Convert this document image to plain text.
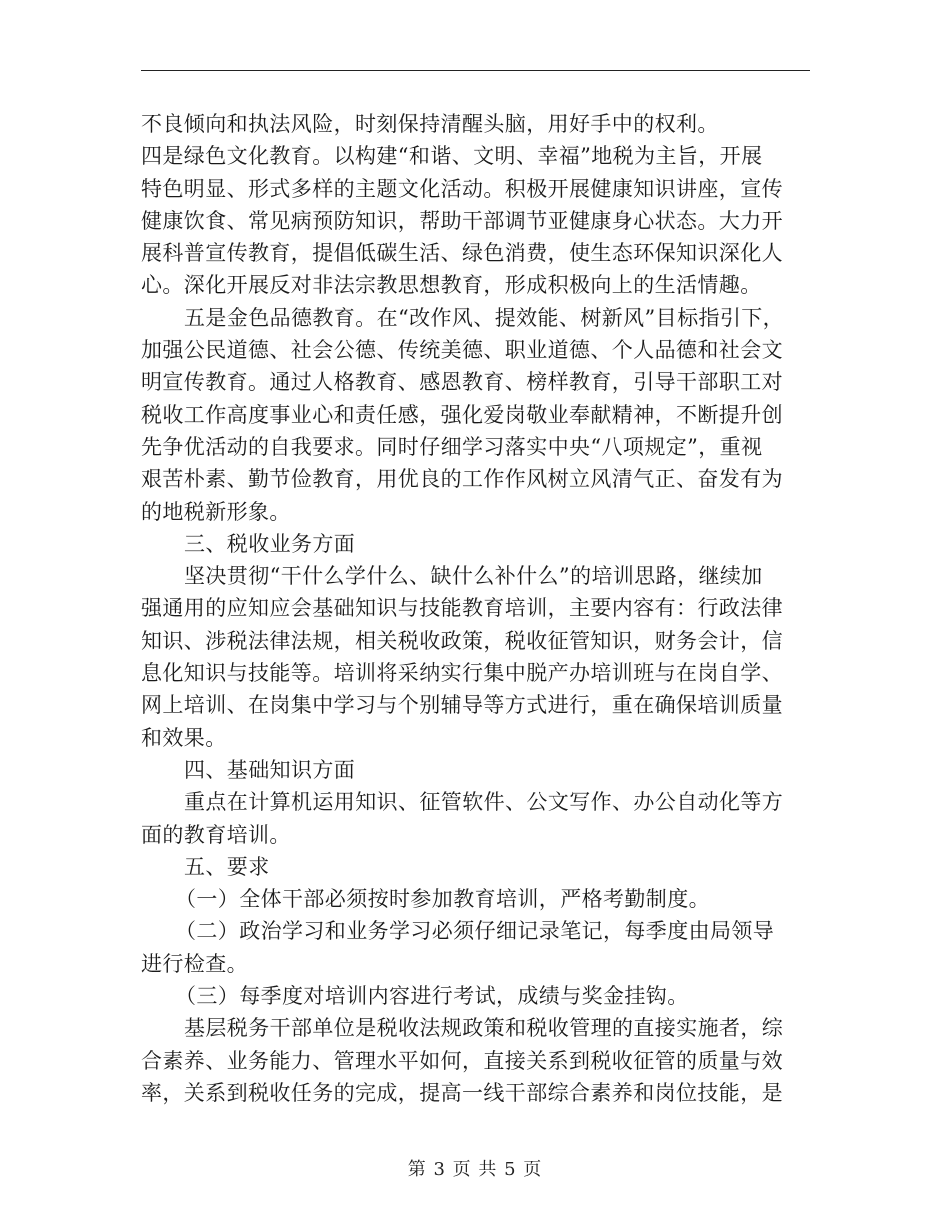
不良倾向和执法风险，时刻保持清醒头脑，用好手中的权利。
四是绿色文化教育。以构建“和谐、文明、幸福”地税为主旨，开展
特色明显、形式多样的主题文化活动。积极开展健康知识讲座，宣传
健康饮食、常见病预防知识，帮助干部调节亚健康身心状态。大力开
展科普宣传教育，提倡低碳生活、绿色消费，使生态环保知识深化人
心。深化开展反对非法宗教思想教育，形成积极向上的生活情趣。
五是金色品德教育。在“改作风、提效能、树新风”目标指引下，
加强公民道德、社会公德、传统美德、职业道德、个人品德和社会文
明宣传教育。通过人格教育、感恩教育、榜样教育，引导干部职工对
税收工作高度事业心和责任感，强化爱岗敬业奉献精神，不断提升创
先争优活动的自我要求。同时仔细学习落实中央“八项规定”，重视
艰苦朴素、勤节俭教育，用优良的工作作风树立风清气正、奋发有为
的地税新形象。
三、税收业务方面
坚决贯彻“干什么学什么、缺什么补什么”的培训思路，继续加
强通用的应知应会基础知识与技能教育培训，主要内容有：行政法律
知识、涉税法律法规，相关税收政策，税收征管知识，财务会计，信
息化知识与技能等。培训将采纳实行集中脱产办培训班与在岗自学、
网上培训、在岗集中学习与个别辅导等方式进行，重在确保培训质量
和效果。
四、基础知识方面
重点在计算机运用知识、征管软件、公文写作、办公自动化等方
面的教育培训。
五、要求
（一）全体干部必须按时参加教育培训，严格考勤制度。
（二）政治学习和业务学习必须仔细记录笔记，每季度由局领导
进行检查。
（三）每季度对培训内容进行考试，成绩与奖金挂钩。
基层税务干部单位是税收法规政策和税收管理的直接实施者，综
合素养、业务能力、管理水平如何，直接关系到税收征管的质量与效
率，关系到税收任务的完成，提高一线干部综合素养和岗位技能，是
第 3 页 共 5 页
